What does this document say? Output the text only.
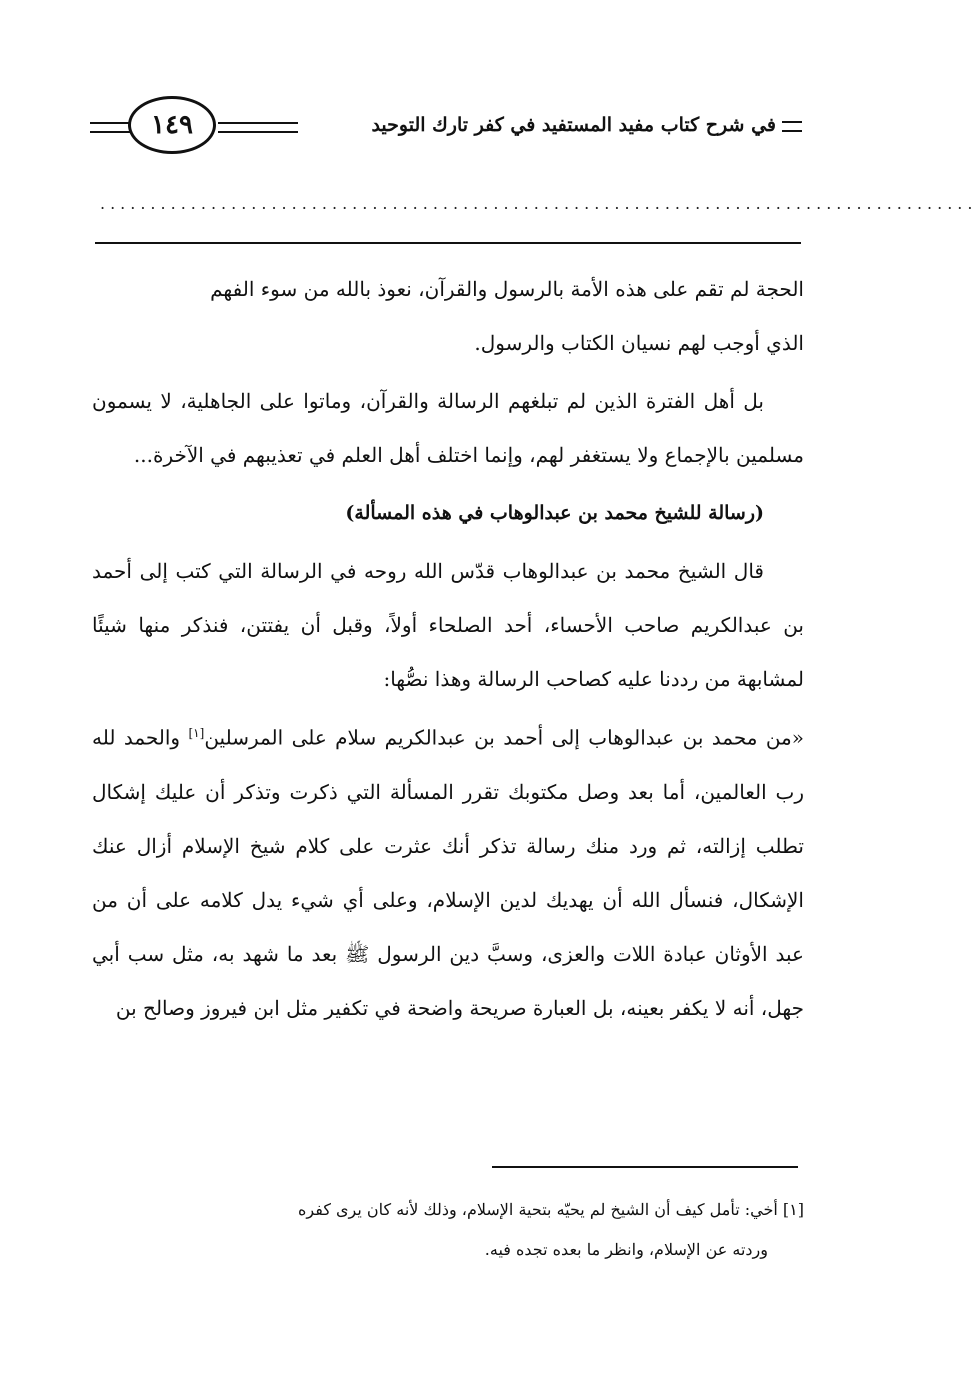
في شرح كتاب مفيد المستفيد في كفر تارك التوحيد
١٤٩
.......................................................................................

الحجة لم تقم على هذه الأمة بالرسول والقرآن، نعوذ بالله من سوء الفهم

الذي أوجب لهم نسيان الكتاب والرسول.

بل أهل الفترة الذين لم تبلغهم الرسالة والقرآن، وماتوا على الجاهلية، لا يسمون مسلمين بالإجماع ولا يستغفر لهم، وإنما اختلف أهل العلم في تعذيبهم في الآخرة...

(رسالة للشيخ محمد بن عبدالوهاب في هذه المسألة)

قال الشيخ محمد بن عبدالوهاب قدّس الله روحه في الرسالة التي كتب إلى أحمد بن عبدالكريم صاحب الأحساء، أحد الصلحاء أولاً، وقبل أن يفتتن، فنذكر منها شيئًا لمشابهة من رددنا عليه كصاحب الرسالة وهذا نصُّها:

«من محمد بن عبدالوهاب إلى أحمد بن عبدالكريم سلام على المرسلين[١] والحمد لله رب العالمين، أما بعد وصل مكتوبك تقرر المسألة التي ذكرت وتذكر أن عليك إشكال تطلب إزالته، ثم ورد منك رسالة تذكر أنك عثرت على كلام شيخ الإسلام أزال عنك الإشكال، فنسأل الله أن يهديك لدين الإسلام، وعلى أي شيء يدل كلامه على أن من عبد الأوثان عبادة اللات والعزى، وسبَّ دين الرسول ﷺ بعد ما شهد به، مثل سب أبي جهل، أنه لا يكفر بعينه، بل العبارة صريحة واضحة في تكفير مثل ابن فيروز وصالح بن

[١] أخي: تأمل كيف أن الشيخ لم يحيّه بتحية الإسلام، وذلك لأنه كان يرى كفره

وردته عن الإسلام، وانظر ما بعده تجده فيه.
